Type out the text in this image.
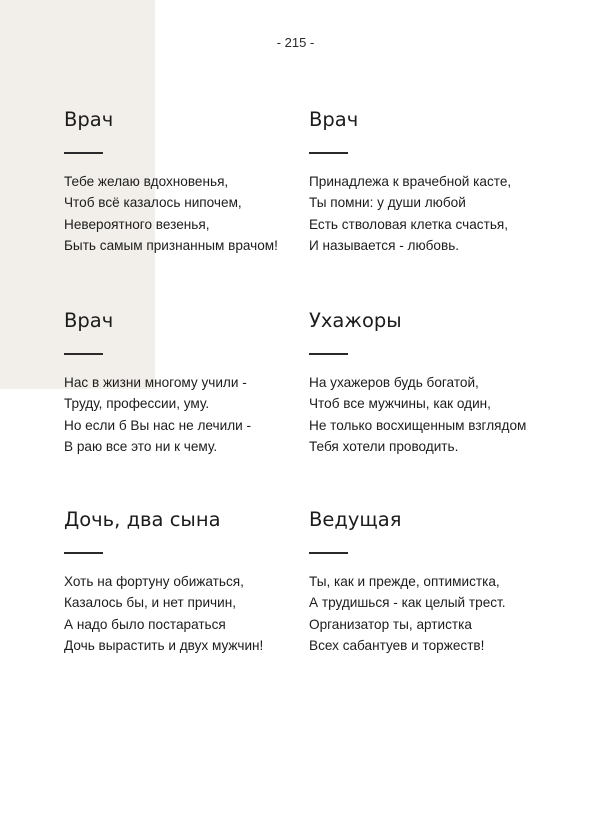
- 215 -
Врач
Тебе желаю вдохновенья,
Чтоб всё казалось нипочем,
Невероятного везенья,
Быть самым признанным врачом!
Врач
Принадлежа к врачебной касте,
Ты помни: у души любой
Есть стволовая клетка счастья,
И называется - любовь.
Врач
Нас в жизни многому учили -
Труду, профессии, уму.
Но если б Вы нас не лечили -
В раю все это ни к чему.
Ухажоры
На ухажеров будь богатой,
Чтоб все мужчины, как один,
Не только восхищенным взглядом
Тебя хотели проводить.
Дочь, два сына
Хоть на фортуну обижаться,
Казалось бы, и нет причин,
А надо было постараться
Дочь вырастить и двух мужчин!
Ведущая
Ты, как и прежде, оптимистка,
А трудишься - как целый трест.
Организатор ты, артистка
Всех сабантуев и торжеств!
